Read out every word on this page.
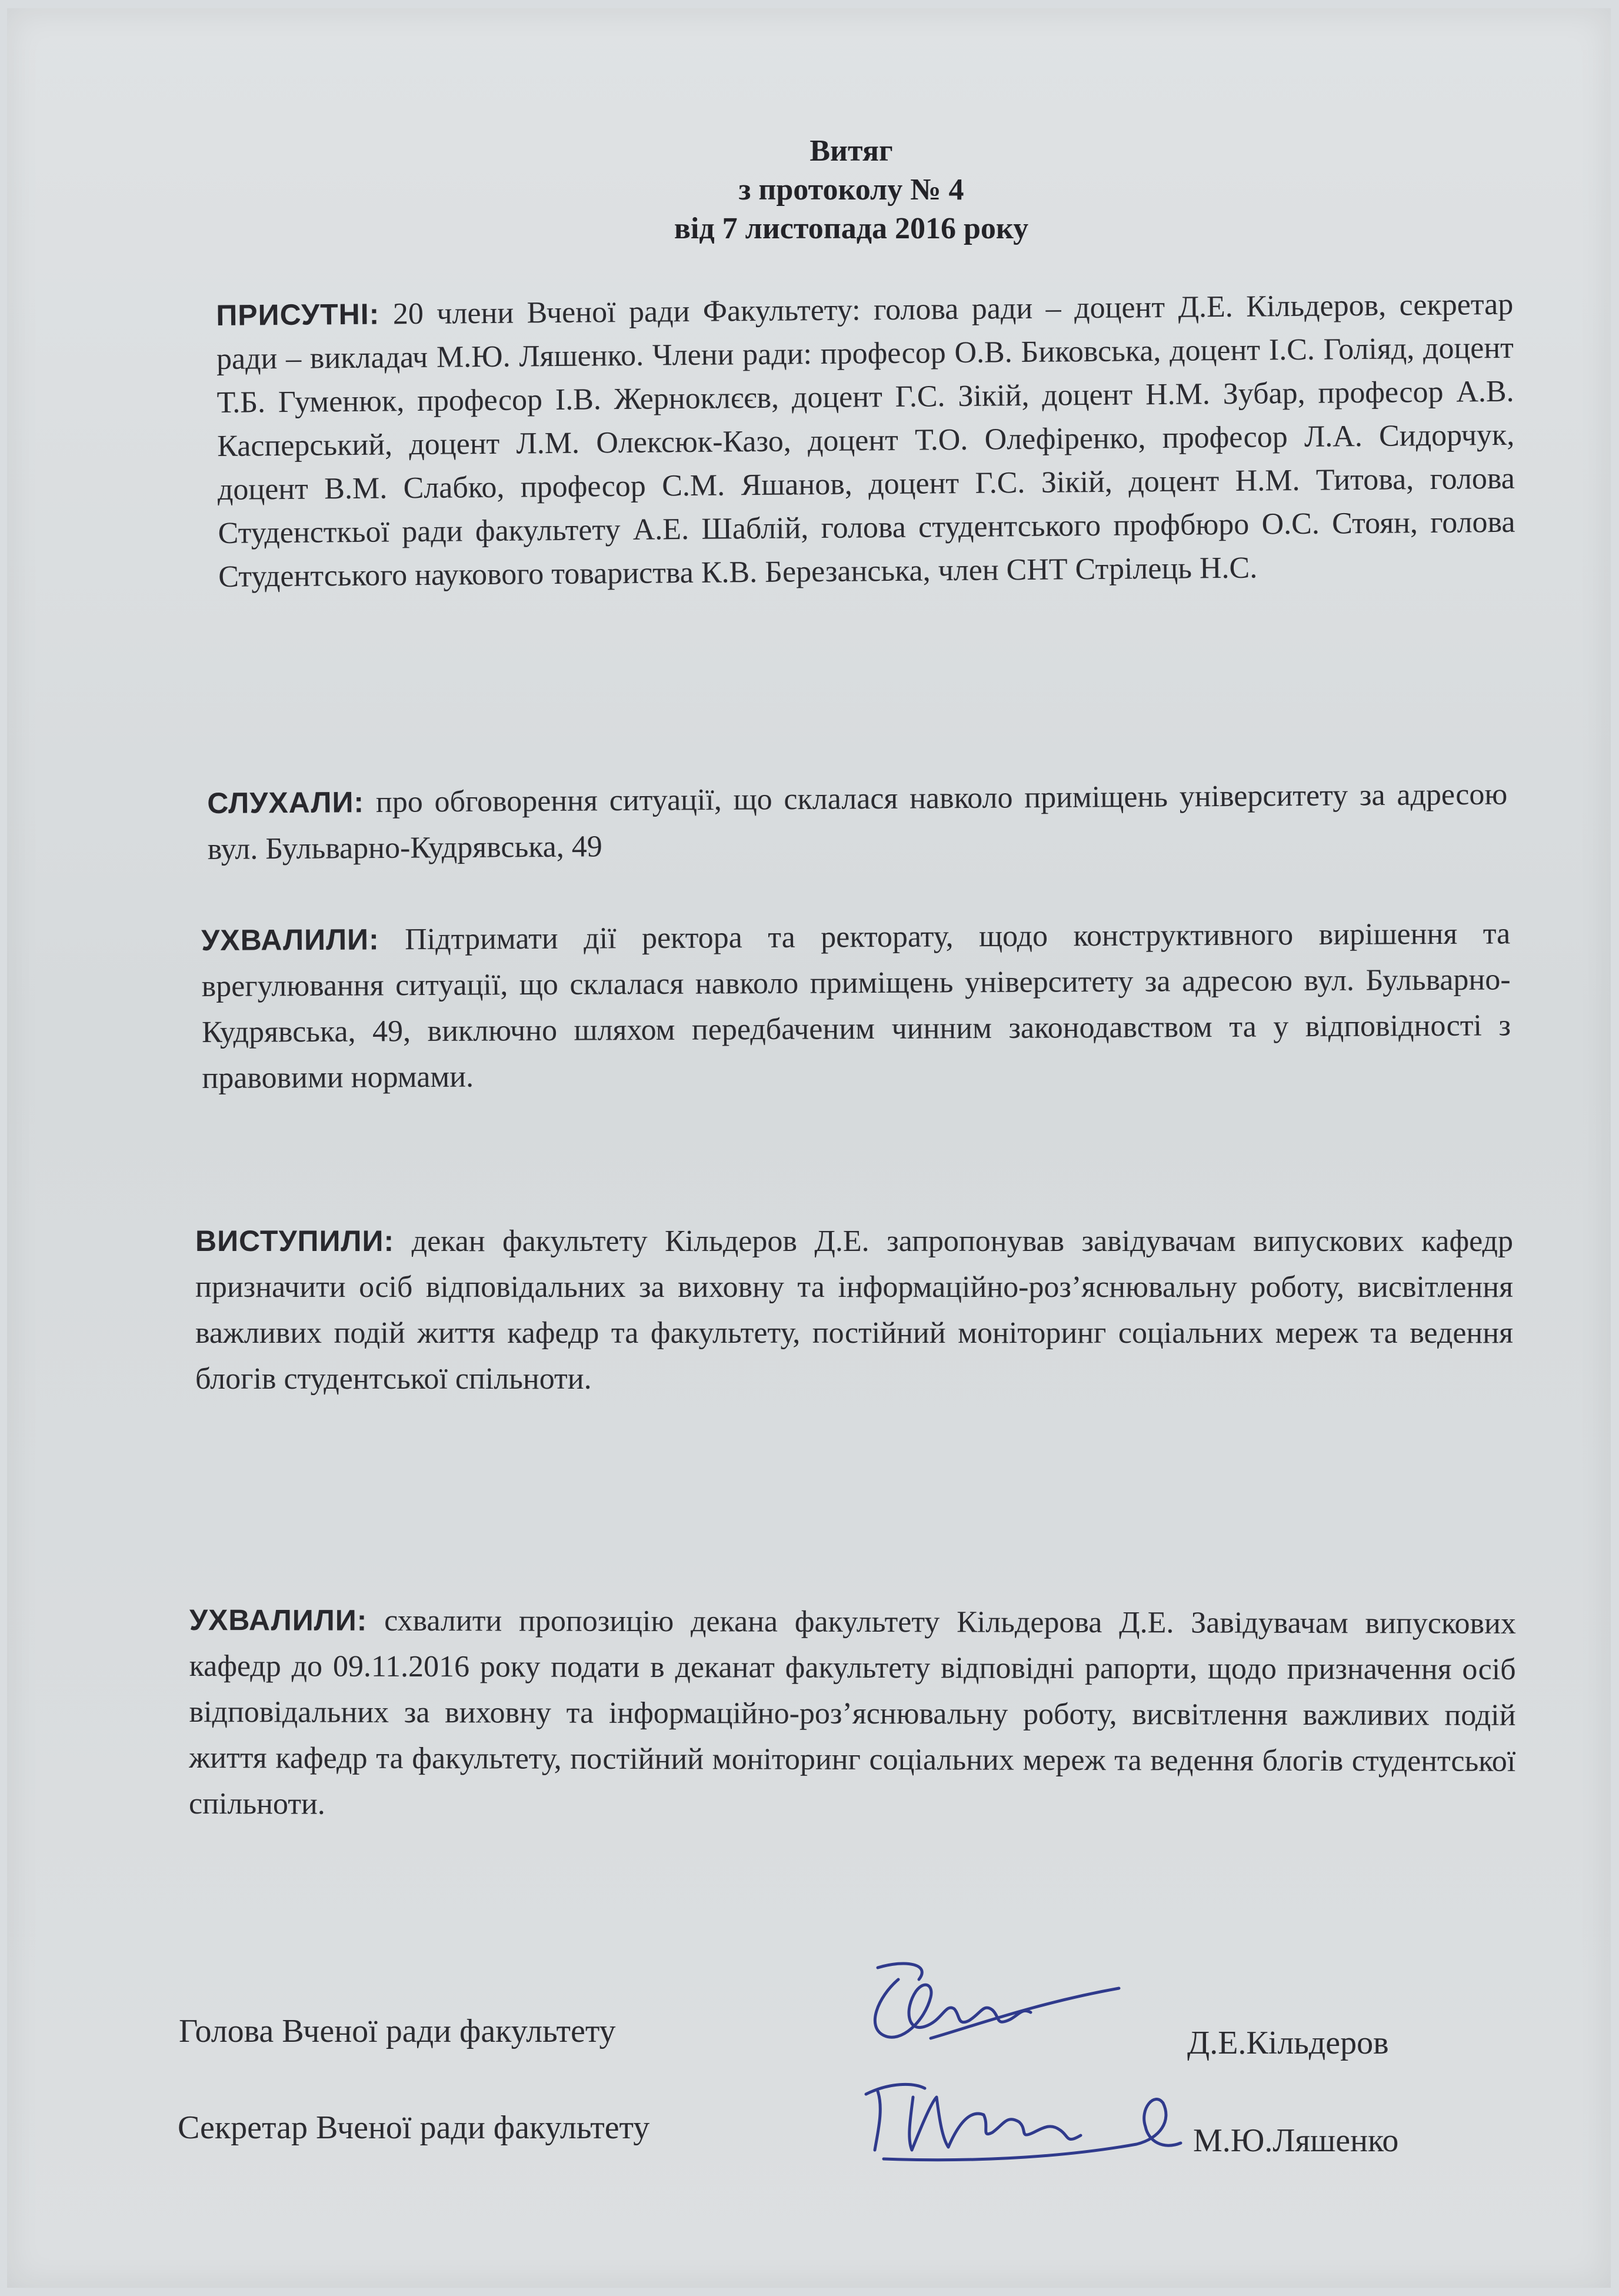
Витяг
з протоколу № 4
від 7 листопада 2016 року
ПРИСУТНІ: 20 члени Вченої ради Факультету: голова ради – доцент Д.Е. Кільдеров, секретар ради – викладач М.Ю. Ляшенко. Члени ради: професор О.В. Биковська, доцент І.С. Голіяд, доцент Т.Б. Гуменюк, професор І.В. Жерноклєєв, доцент Г.С. Зікій, доцент Н.М. Зубар, професор А.В. Касперський, доцент Л.М. Олексюк-Казо, доцент Т.О. Олефіренко, професор Л.А. Сидорчук, доцент В.М. Слабко, професор С.М. Яшанов, доцент Г.С. Зікій, доцент Н.М. Титова, голова Студенсткьої ради факультету А.Е. Шаблій, голова студентського профбюро О.С. Стоян, голова Студентського наукового товариства К.В. Березанська, член СНТ Стрілець Н.С.
СЛУХАЛИ: про обговорення ситуації, що склалася навколо приміщень університету за адресою вул. Бульварно-Кудрявська, 49
УХВАЛИЛИ: Підтримати дії ректора та ректорату, щодо конструктивного вирішення та врегулювання ситуації, що склалася навколо приміщень університету за адресою вул. Бульварно-Кудрявська, 49, виключно шляхом передбаченим чинним законодавством та у відповідності з правовими нормами.
ВИСТУПИЛИ: декан факультету Кільдеров Д.Е. запропонував завідувачам випускових кафедр призначити осіб відповідальних за виховну та інформаційно-роз’яснювальну роботу, висвітлення важливих подій життя кафедр та факультету, постійний моніторинг соціальних мереж та ведення блогів студентської спільноти.
УХВАЛИЛИ: схвалити пропозицію декана факультету Кільдерова Д.Е. Завідувачам випускових кафедр до 09.11.2016 року подати в деканат факультету відповідні рапорти, щодо призначення осіб відповідальних за виховну та інформаційно-роз’яснювальну роботу, висвітлення важливих подій життя кафедр та факультету, постійний моніторинг соціальних мереж та ведення блогів студентської спільноти.
Голова Вченої ради факультету	Д.Е.Кільдеров
Секретар Вченої ради факультету	М.Ю.Ляшенко
